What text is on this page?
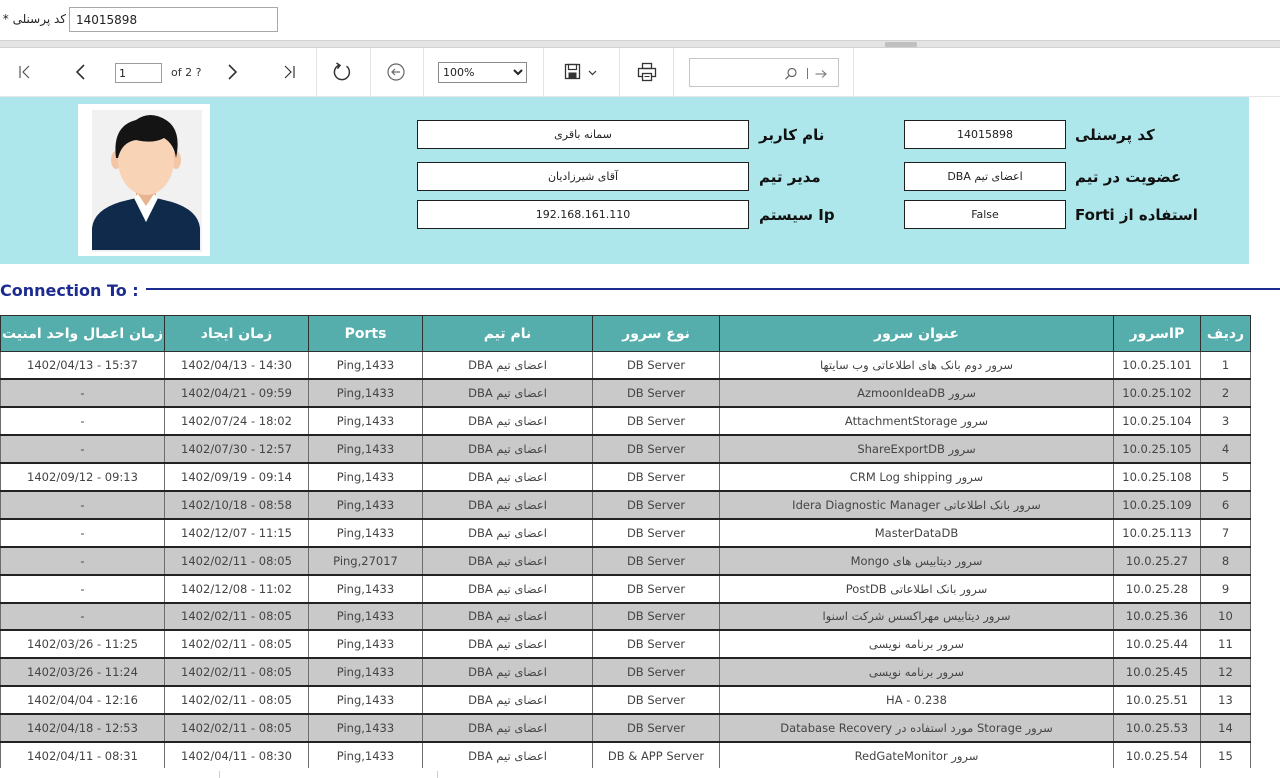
* کد پرسنلی
14015898
1
of 2 ?
100%
سمانه باقری	نام کاربر
آقای شیرزادیان	مدیر تیم
192.168.161.110	Ip سیستم
14015898	کد پرسنلی
اعضای تیم DBA	عضویت در تیم
False	استفاده از Forti
Connection To :
ردیف	IPسرور	عنوان سرور	نوع سرور	نام تیم	Ports	زمان ایجاد	زمان اعمال واحد امنیت
1	10.0.25.101	سرور دوم بانک های اطلاعاتی وب سایتها	DB Server	اعضای تیم DBA	Ping,1433	1402/04/13 - 14:30	1402/04/13 - 15:37
2	10.0.25.102	سرور AzmoonIdeaDB	DB Server	اعضای تیم DBA	Ping,1433	1402/04/21 - 09:59	-
3	10.0.25.104	سرور AttachmentStorage	DB Server	اعضای تیم DBA	Ping,1433	1402/07/24 - 18:02	-
4	10.0.25.105	سرور ShareExportDB	DB Server	اعضای تیم DBA	Ping,1433	1402/07/30 - 12:57	-
5	10.0.25.108	سرور CRM Log shipping	DB Server	اعضای تیم DBA	Ping,1433	1402/09/19 - 09:14	1402/09/12 - 09:13
6	10.0.25.109	سرور بانک اطلاعاتی Idera Diagnostic Manager	DB Server	اعضای تیم DBA	Ping,1433	1402/10/18 - 08:58	-
7	10.0.25.113	MasterDataDB	DB Server	اعضای تیم DBA	Ping,1433	1402/12/07 - 11:15	-
8	10.0.25.27	سرور دیتابیس های Mongo	DB Server	اعضای تیم DBA	Ping,27017	1402/02/11 - 08:05	-
9	10.0.25.28	سرور بانک اطلاعاتی PostDB	DB Server	اعضای تیم DBA	Ping,1433	1402/12/08 - 11:02	-
10	10.0.25.36	سرور دیتابیس مهراکسس شرکت اسنوا	DB Server	اعضای تیم DBA	Ping,1433	1402/02/11 - 08:05	-
11	10.0.25.44	سرور برنامه نویسی	DB Server	اعضای تیم DBA	Ping,1433	1402/02/11 - 08:05	1402/03/26 - 11:25
12	10.0.25.45	سرور برنامه نویسی	DB Server	اعضای تیم DBA	Ping,1433	1402/02/11 - 08:05	1402/03/26 - 11:24
13	10.0.25.51	HA - 0.238	DB Server	اعضای تیم DBA	Ping,1433	1402/02/11 - 08:05	1402/04/04 - 12:16
14	10.0.25.53	سرور Storage مورد استفاده در Database Recovery	DB Server	اعضای تیم DBA	Ping,1433	1402/02/11 - 08:05	1402/04/18 - 12:53
15	10.0.25.54	سرور RedGateMonitor	DB & APP Server	اعضای تیم DBA	Ping,1433	1402/04/11 - 08:30	1402/04/11 - 08:31
